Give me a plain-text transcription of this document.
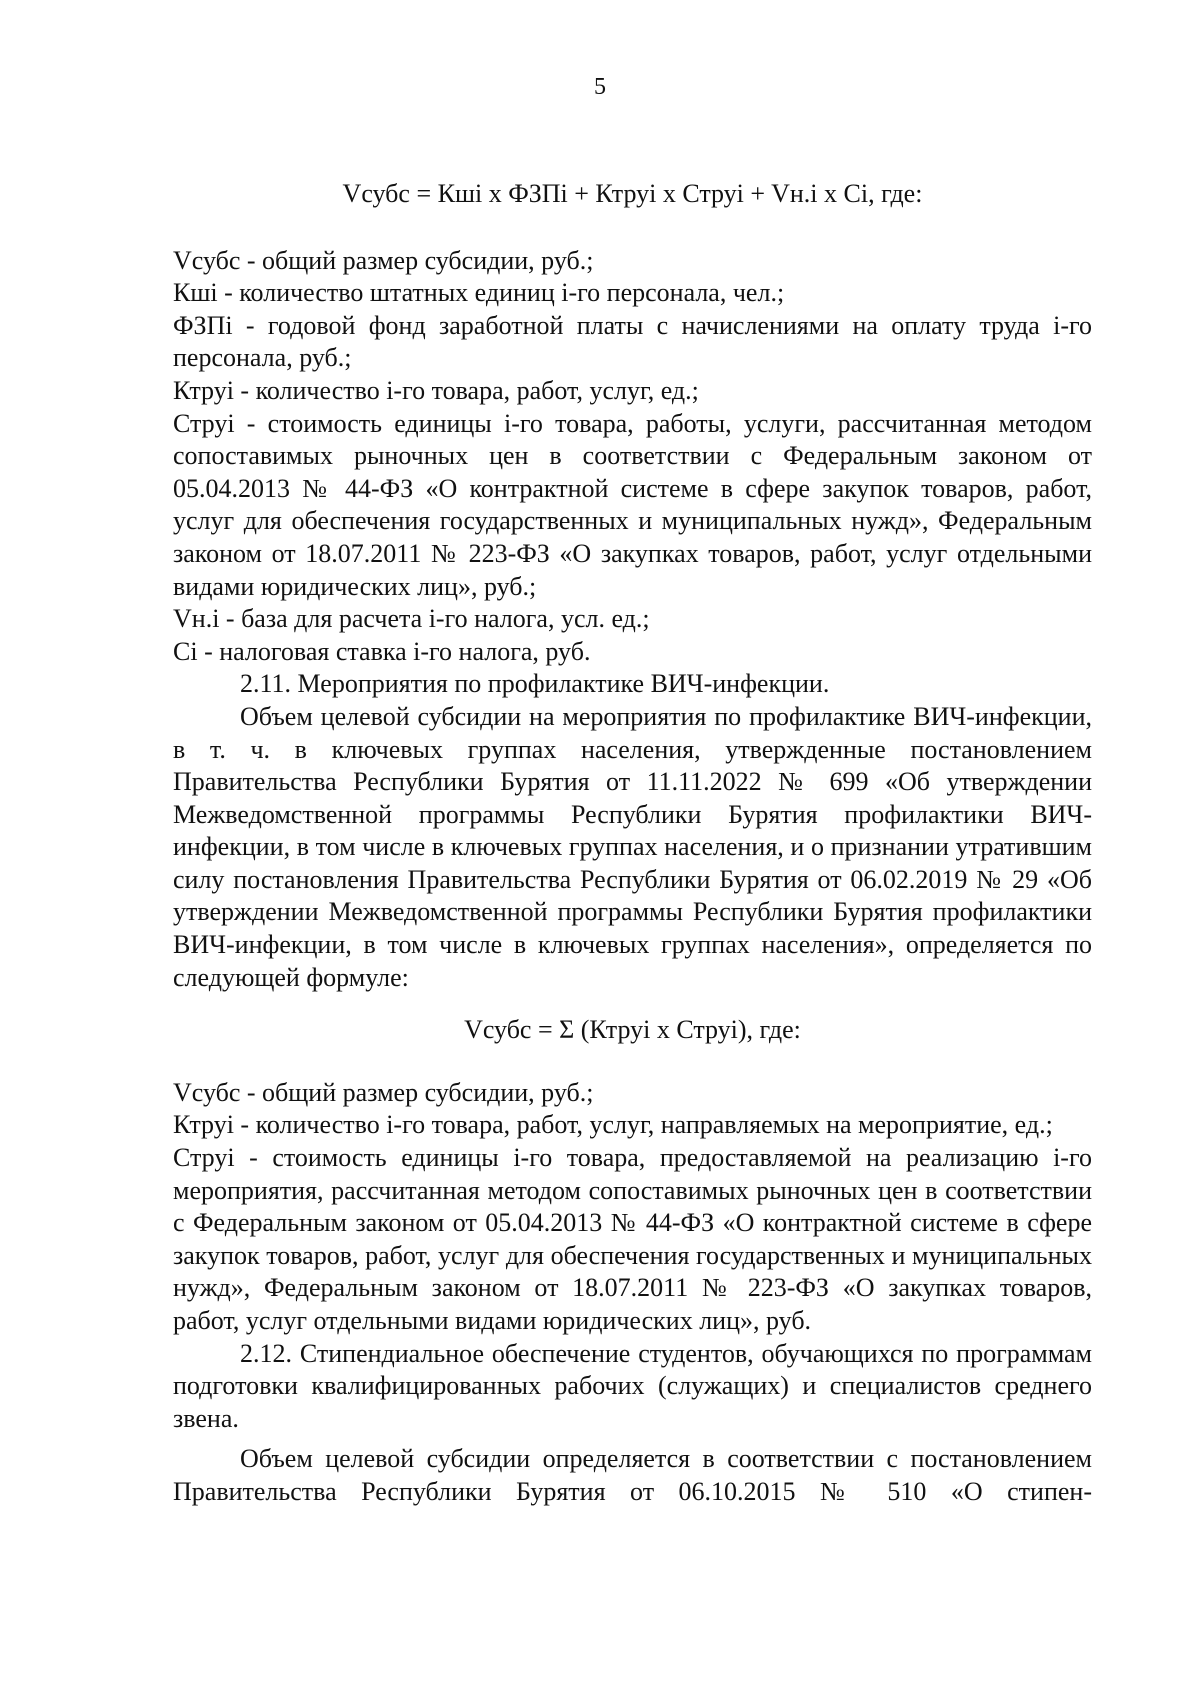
5

Vсубс = Кшi х ФЗПi + Ктруi х Струi + Vн.i х Сi, где:

Vсубс - общий размер субсидии, руб.;

Кшi - количество штатных единиц i-го персонала, чел.;

ФЗПi - годовой фонд заработной платы с начислениями на оплату труда i-го персонала, руб.;

Ктруi - количество i-го товара, работ, услуг, ед.;

Струi - стоимость единицы i-го товара, работы, услуги, рассчитанная методом сопоставимых рыночных цен в соответствии с Федеральным законом от 05.04.2013 № 44-ФЗ «О контрактной системе в сфере закупок товаров, работ, услуг для обеспечения государственных и муниципальных нужд», Федеральным законом от 18.07.2011 № 223-ФЗ «О закупках товаров, работ, услуг отдельными видами юридических лиц», руб.;

Vн.i - база для расчета i-го налога, усл. ед.;

Сi - налоговая ставка i-го налога, руб.

2.11. Мероприятия по профилактике ВИЧ-инфекции.

Объем целевой субсидии на мероприятия по профилактике ВИЧ-инфекции, в т. ч. в ключевых группах населения, утвержденные постановлением Правительства Республики Бурятия от 11.11.2022 № 699 «Об утверждении Межведомственной программы Республики Бурятия профилактики ВИЧ-инфекции, в том числе в ключевых группах населения, и о признании утратившим силу постановления Правительства Республики Бурятия от 06.02.2019 № 29 «Об утверждении Межведомственной программы Республики Бурятия профилактики ВИЧ-инфекции, в том числе в ключевых группах населения», определяется по следующей формуле:

Vсубс = Σ (Ктруi х Струi), где:

Vсубс - общий размер субсидии, руб.;

Ктруi - количество i-го товара, работ, услуг, направляемых на мероприятие, ед.;

Струi - стоимость единицы i-го товара, предоставляемой на реализацию i-го мероприятия, рассчитанная методом сопоставимых рыночных цен в соответствии с Федеральным законом от 05.04.2013 № 44-ФЗ «О контрактной системе в сфере закупок товаров, работ, услуг для обеспечения государственных и муниципальных нужд», Федеральным законом от 18.07.2011 № 223-ФЗ «О закупках товаров, работ, услуг отдельными видами юридических лиц», руб.

2.12. Стипендиальное обеспечение студентов, обучающихся по программам подготовки квалифицированных рабочих (служащих) и специалистов среднего звена.

Объем целевой субсидии определяется в соответствии с постановлением Правительства Республики Бурятия от 06.10.2015 № 510 «О стипен-
